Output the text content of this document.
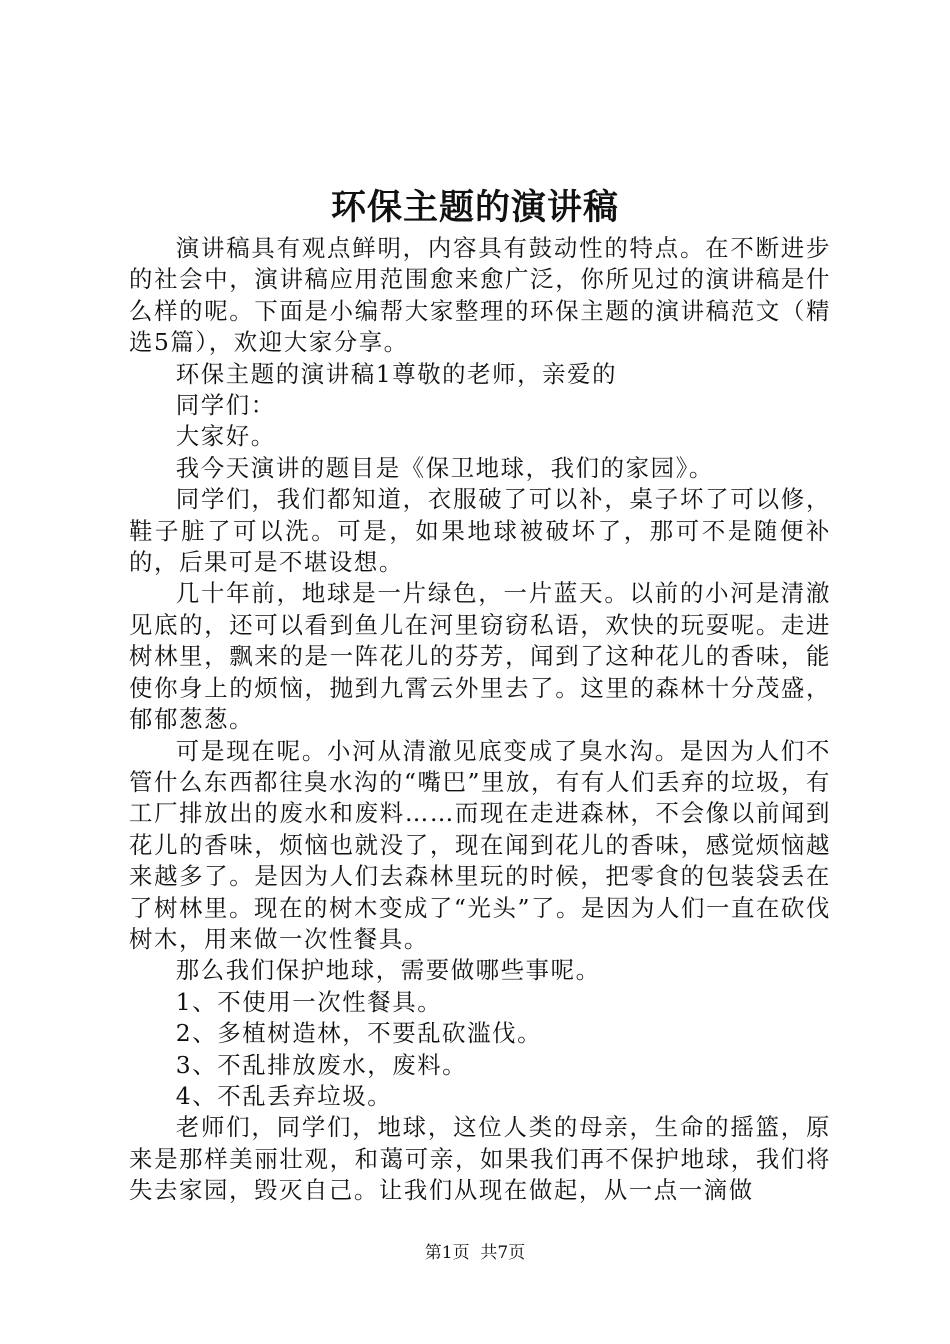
环保主题的演讲稿

演讲稿具有观点鲜明，内容具有鼓动性的特点。在不断进步的社会中，演讲稿应用范围愈来愈广泛，你所见过的演讲稿是什么样的呢。下面是小编帮大家整理的环保主题的演讲稿范文（精选5篇），欢迎大家分享。

环保主题的演讲稿1尊敬的老师，亲爱的

同学们：

大家好。

我今天演讲的题目是《保卫地球，我们的家园》。

同学们，我们都知道，衣服破了可以补，桌子坏了可以修，鞋子脏了可以洗。可是，如果地球被破坏了，那可不是随便补的，后果可是不堪设想。

几十年前，地球是一片绿色，一片蓝天。以前的小河是清澈见底的，还可以看到鱼儿在河里窃窃私语，欢快的玩耍呢。走进树林里，飘来的是一阵花儿的芬芳，闻到了这种花儿的香味，能使你身上的烦恼，抛到九霄云外里去了。这里的森林十分茂盛，郁郁葱葱。

可是现在呢。小河从清澈见底变成了臭水沟。是因为人们不管什么东西都往臭水沟的“嘴巴”里放，有有人们丢弃的垃圾，有工厂排放出的废水和废料……而现在走进森林，不会像以前闻到花儿的香味，烦恼也就没了，现在闻到花儿的香味，感觉烦恼越来越多了。是因为人们去森林里玩的时候，把零食的包装袋丢在了树林里。现在的树木变成了“光头”了。是因为人们一直在砍伐树木，用来做一次性餐具。

那么我们保护地球，需要做哪些事呢。

1、不使用一次性餐具。

2、多植树造林，不要乱砍滥伐。

3、不乱排放废水，废料。

4、不乱丢弃垃圾。

老师们，同学们，地球，这位人类的母亲，生命的摇篮，原来是那样美丽壮观，和蔼可亲，如果我们再不保护地球，我们将失去家园，毁灭自己。让我们从现在做起，从一点一滴做

第1页  共7页
